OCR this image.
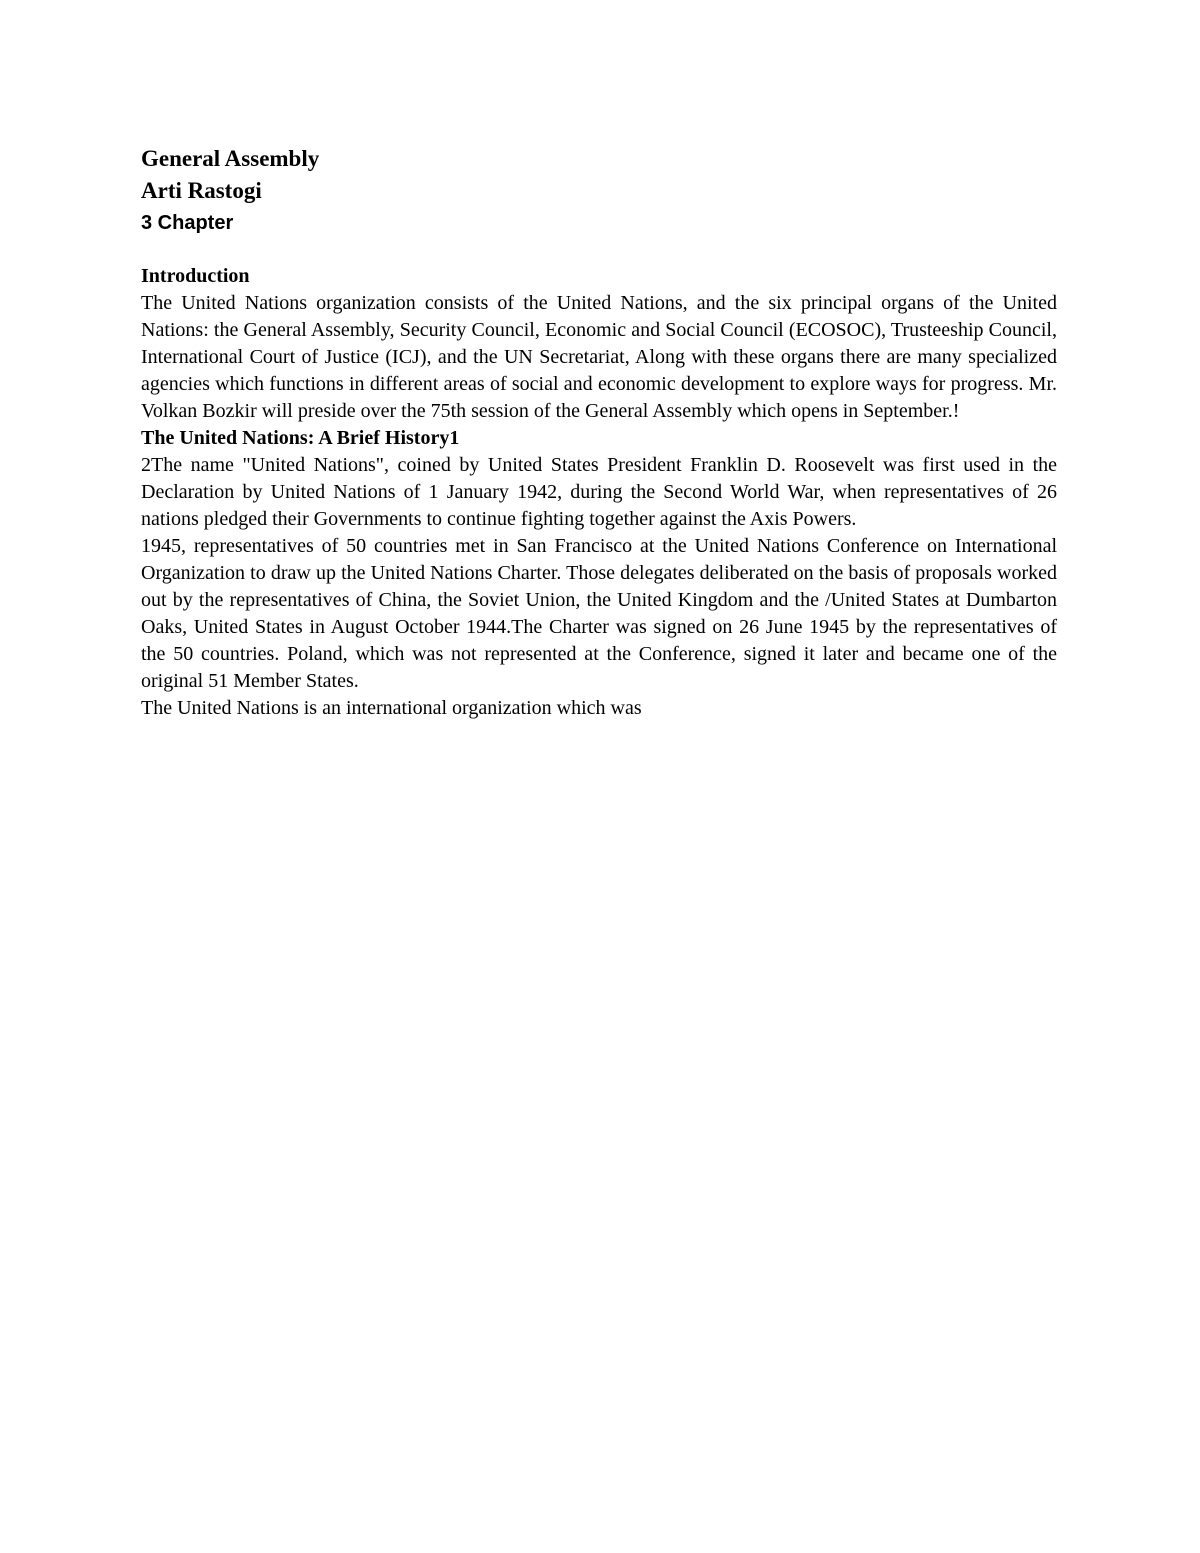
General Assembly
Arti Rastogi
3 Chapter
Introduction

The United Nations organization consists of the United Nations, and the six principal organs of the United Nations: the General Assembly, Security Council, Economic and Social Council (ECOSOC), Trusteeship Council, International Court of Justice (ICJ), and the UN Secretariat, Along with these organs there are many specialized agencies which functions in different areas of social and economic development to explore ways for progress. Mr. Volkan Bozkir will preside over the 75th session of the General Assembly which opens in September.!

The United Nations: A Brief History1

2The name "United Nations", coined by United States President Franklin D. Roosevelt was first used in the Declaration by United Nations of 1 January 1942, during the Second World War, when representatives of 26 nations pledged their Governments to continue fighting together against the Axis Powers.

1945, representatives of 50 countries met in San Francisco at the United Nations Conference on International Organization to draw up the United Nations Charter. Those delegates deliberated on the basis of proposals worked out by the representatives of China, the Soviet Union, the United Kingdom and the /United States at Dumbarton Oaks, United States in August October 1944.The Charter was signed on 26 June 1945 by the representatives of the 50 countries. Poland, which was not represented at the Conference, signed it later and became one of the original 51 Member States.

The United Nations is an international organization which was
